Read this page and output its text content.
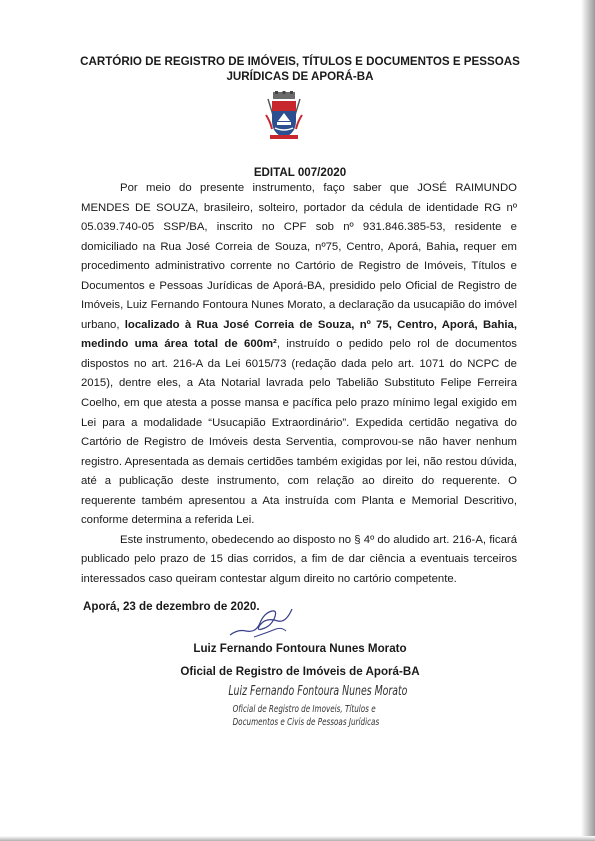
CARTÓRIO DE REGISTRO DE IMÓVEIS, TÍTULOS E DOCUMENTOS E PESSOAS
JURÍDICAS DE APORÁ-BA
EDITAL 007/2020

Por meio do presente instrumento, faço saber que JOSÉ RAIMUNDO MENDES DE SOUZA, brasileiro, solteiro, portador da cédula de identidade RG nº 05.039.740-05 SSP/BA, inscrito no CPF sob nº 931.846.385-53, residente e domiciliado na Rua José Correia de Souza, nº75, Centro, Aporá, Bahia, requer em procedimento administrativo corrente no Cartório de Registro de Imóveis, Títulos e Documentos e Pessoas Jurídicas de Aporá-BA, presidido pelo Oficial de Registro de Imóveis, Luiz Fernando Fontoura Nunes Morato, a declaração da usucapião do imóvel urbano, localizado à Rua José Correia de Souza, nº 75, Centro, Aporá, Bahia, medindo uma área total de 600m², instruído o pedido pelo rol de documentos dispostos no art. 216-A da Lei 6015/73 (redação dada pelo art. 1071 do NCPC de 2015), dentre eles, a Ata Notarial lavrada pelo Tabelião Substituto Felipe Ferreira Coelho, em que atesta a posse mansa e pacífica pelo prazo mínimo legal exigido em Lei para a modalidade “Usucapião Extraordinário”. Expedida certidão negativa do Cartório de Registro de Imóveis desta Serventia, comprovou-se não haver nenhum registro. Apresentada as demais certidões também exigidas por lei, não restou dúvida, até a publicação deste instrumento, com relação ao direito do requerente. O requerente também apresentou a Ata instruída com Planta e Memorial Descritivo, conforme determina a referida Lei.

Este instrumento, obedecendo ao disposto no § 4º do aludido art. 216-A, ficará publicado pelo prazo de 15 dias corridos, a fim de dar ciência a eventuais terceiros interessados caso queiram contestar algum direito no cartório competente.

Aporá, 23 de dezembro de 2020.
Luiz Fernando Fontoura Nunes Morato
Oficial de Registro de Imóveis de Aporá-BA
Luiz Fernando Fontoura Nunes Morato
Oficial de Registro de Imoveis, Títulos e
Documentos e Civis de Pessoas Jurídicas
